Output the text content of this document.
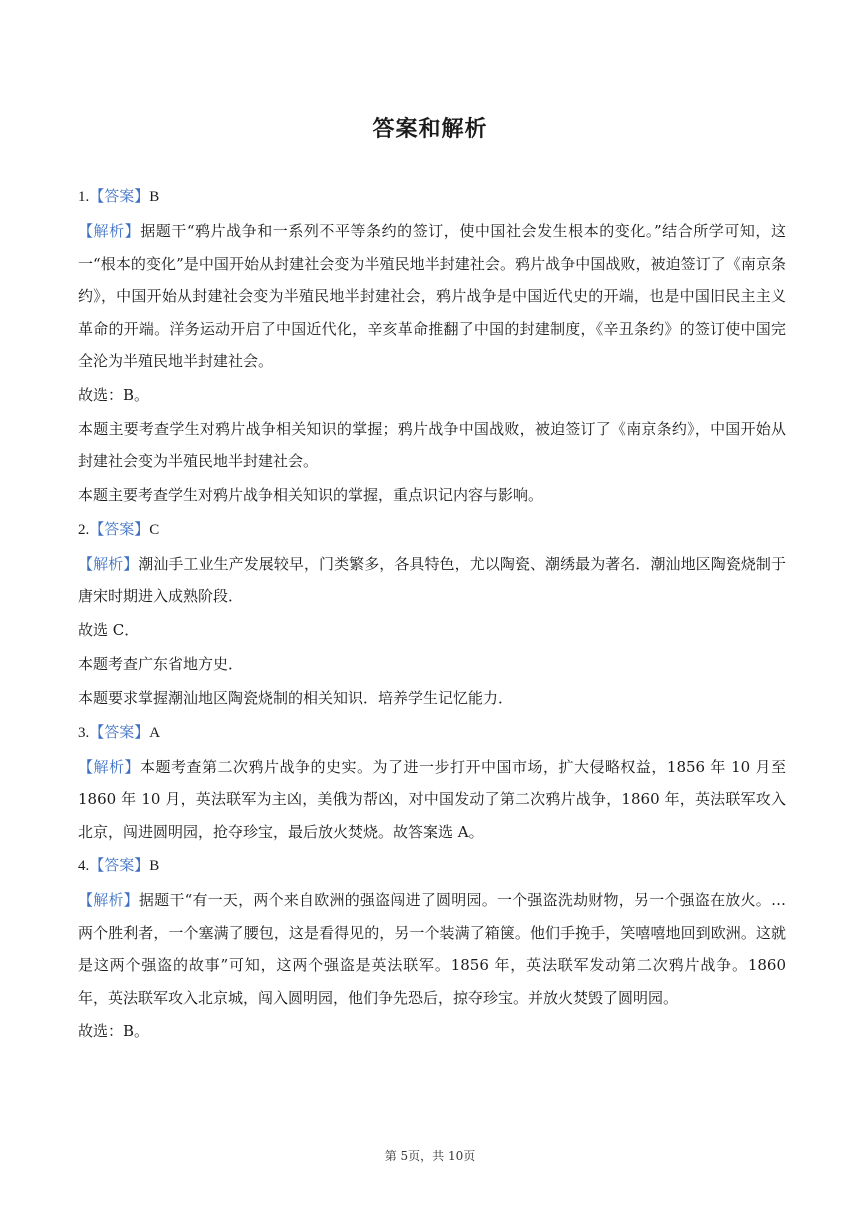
答案和解析
1.【答案】B
【解析】据题干“鸦片战争和一系列不平等条约的签订，使中国社会发生根本的变化。”结合所学可知，这一“根本的变化”是中国开始从封建社会变为半殖民地半封建社会。鸦片战争中国战败，被迫签订了《南京条约》，中国开始从封建社会变为半殖民地半封建社会，鸦片战争是中国近代史的开端，也是中国旧民主主义革命的开端。洋务运动开启了中国近代化，辛亥革命推翻了中国的封建制度，《辛丑条约》的签订使中国完全沦为半殖民地半封建社会。
故选：B。
本题主要考查学生对鸦片战争相关知识的掌握；鸦片战争中国战败，被迫签订了《南京条约》，中国开始从封建社会变为半殖民地半封建社会。
本题主要考查学生对鸦片战争相关知识的掌握，重点识记内容与影响。
2.【答案】C
【解析】潮汕手工业生产发展较早，门类繁多，各具特色，尤以陶瓷、潮绣最为著名．潮汕地区陶瓷烧制于唐宋时期进入成熟阶段．
故选 C．
本题考查广东省地方史．
本题要求掌握潮汕地区陶瓷烧制的相关知识．培养学生记忆能力．
3.【答案】A
【解析】本题考查第二次鸦片战争的史实。为了进一步打开中国市场，扩大侵略权益，1856 年 10 月至 1860 年 10 月，英法联军为主凶，美俄为帮凶，对中国发动了第二次鸦片战争，1860 年，英法联军攻入北京，闯进圆明园，抢夺珍宝，最后放火焚烧。故答案选 A。
4.【答案】B
【解析】据题干“有一天，两个来自欧洲的强盗闯进了圆明园。一个强盗洗劫财物，另一个强盗在放火。…两个胜利者，一个塞满了腰包，这是看得见的，另一个装满了箱箧。他们手挽手，笑嘻嘻地回到欧洲。这就是这两个强盗的故事”可知，这两个强盗是英法联军。1856 年，英法联军发动第二次鸦片战争。1860 年，英法联军攻入北京城，闯入圆明园，他们争先恐后，掠夺珍宝。并放火焚毁了圆明园。
故选：B。
第 5页，共 10页
